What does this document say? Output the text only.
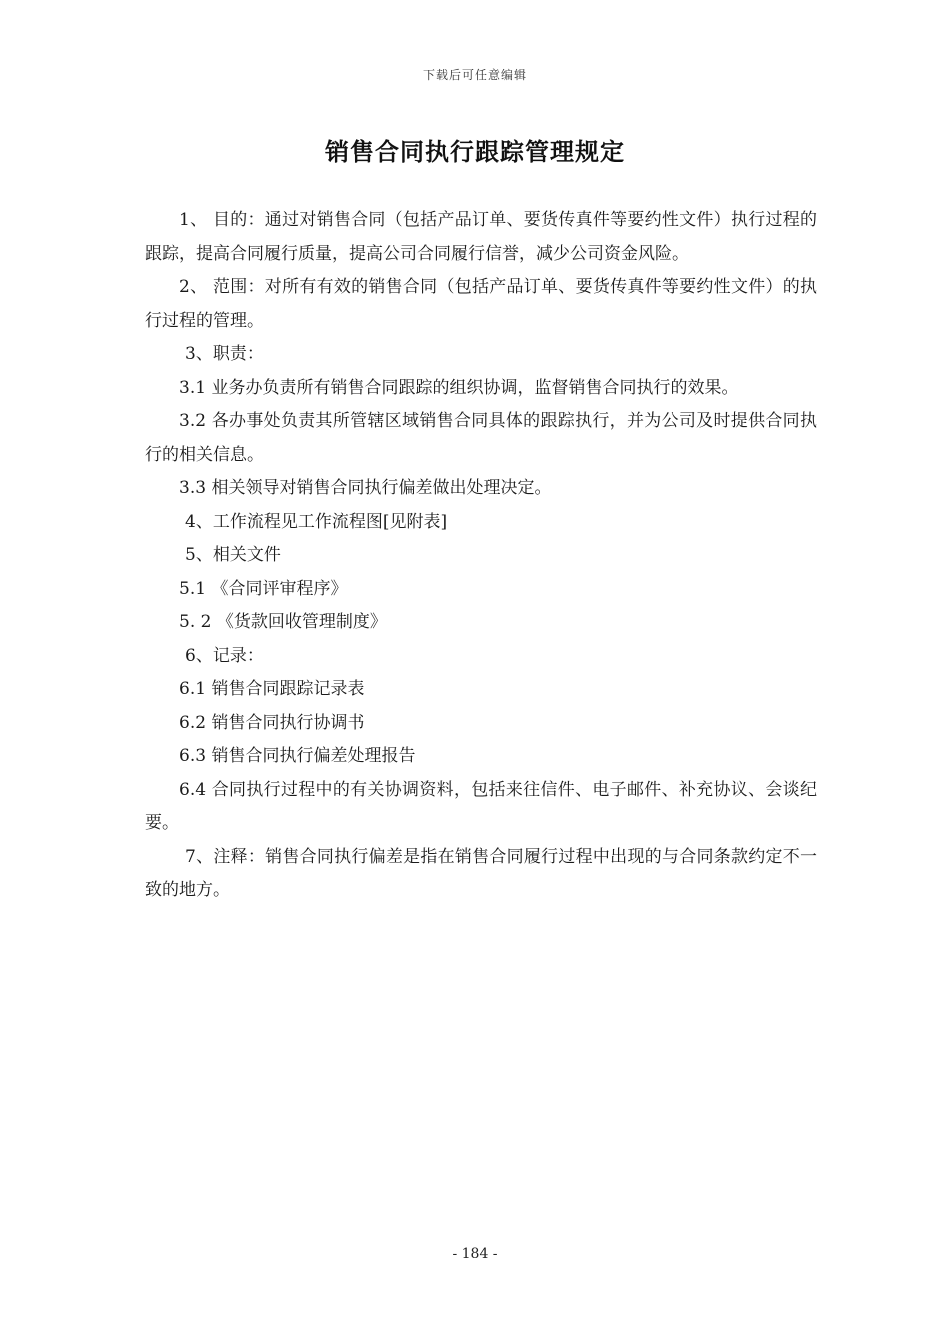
下载后可任意编辑
销售合同执行跟踪管理规定

1、 目的：通过对销售合同（包括产品订单、要货传真件等要约性文件）执行过程的跟踪，提高合同履行质量，提高公司合同履行信誉，减少公司资金风险。

2、 范围：对所有有效的销售合同（包括产品订单、要货传真件等要约性文件）的执行过程的管理。

3、职责：

3.1 业务办负责所有销售合同跟踪的组织协调，监督销售合同执行的效果。

3.2 各办事处负责其所管辖区域销售合同具体的跟踪执行，并为公司及时提供合同执行的相关信息。

3.3 相关领导对销售合同执行偏差做出处理决定。

4、工作流程见工作流程图[见附表]

5、相关文件

5.1 《合同评审程序》

5. 2 《货款回收管理制度》

6、记录：

6.1 销售合同跟踪记录表

6.2 销售合同执行协调书

6.3 销售合同执行偏差处理报告

6.4 合同执行过程中的有关协调资料，包括来往信件、电子邮件、补充协议、会谈纪要。

7、注释：销售合同执行偏差是指在销售合同履行过程中出现的与合同条款约定不一致的地方。

- 184 -
